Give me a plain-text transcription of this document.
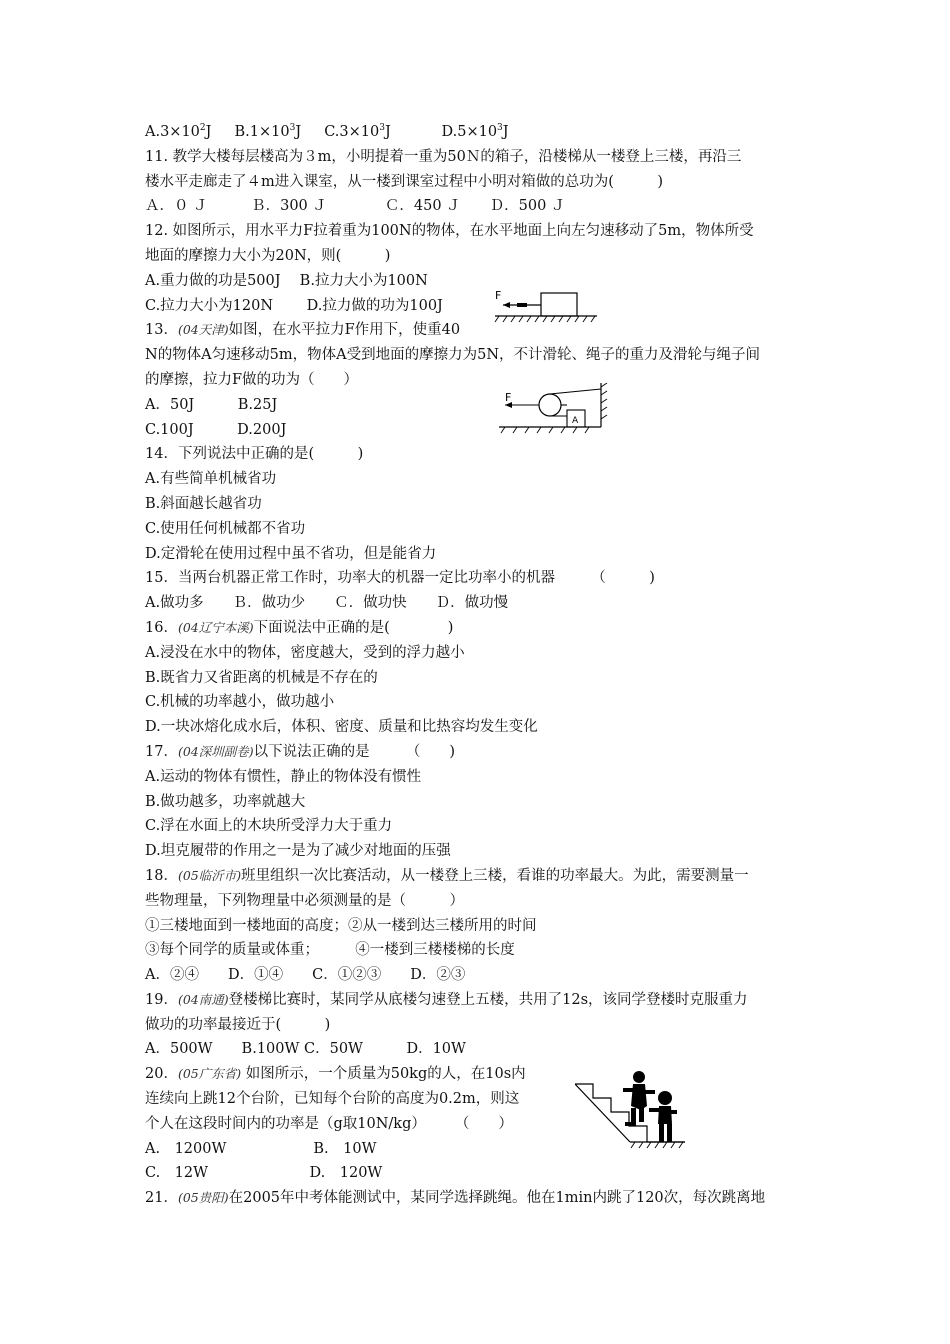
$A.3\times 10^2J$ $B.1\times 10^3J$ $C.3\times 10^3J$	$D.5\times 10^3J$
11. 教学大楼每层楼高为３m，小明提着一重为50Ｎ的箱子，沿楼梯从一楼登上三楼，再沿三
楼水平走廊走了４m进入课室，从一楼到课室过程中小明对箱做的总功为(　　　)
Ａ．０ Ｊ　　　Ｂ．300 Ｊ　　　　Ｃ．450 Ｊ　　Ｄ．500 Ｊ
12. 如图所示，用水平力F拉着重为100N的物体，在水平地面上向左匀速移动了5m，物体所受
地面的摩擦力大小为20N，则(　　　)
A.重力做的功是500J　 B.拉力大小为100N
C.拉力大小为120N　　 D.拉力做的功为100J
13．(04天津)如图，在水平拉力F作用下，使重40
N的物体A匀速移动5m，物体A受到地面的摩擦力为5N，不计滑轮、绳子的重力及滑轮与绳子间
的摩擦，拉力F做的功为（　　）
A．50J　　　B.25J
C.100J　　　D.200J
14．下列说法中正确的是(　　　)
A.有些简单机械省功
B.斜面越长越省功
C.使用任何机械都不省功
D.定滑轮在使用过程中虽不省功，但是能省力
15．当两台机器正常工作时，功率大的机器一定比功率小的机器　　　（　　　)
A.做功多　　Ｂ．做功少　　Ｃ．做功快　　Ｄ．做功慢
16．(04辽宁本溪)下面说法中正确的是(　　　　)
A.浸没在水中的物体，密度越大，受到的浮力越小
B.既省力又省距离的机械是不存在的
C.机械的功率越小，做功越小
D.一块冰熔化成水后，体积、密度、质量和比热容均发生变化
17．(04深圳副卷)以下说法正确的是　　　（　　)
A.运动的物体有惯性，静止的物体没有惯性
B.做功越多，功率就越大
C.浮在水面上的木块所受浮力大于重力
D.坦克履带的作用之一是为了减少对地面的压强
18．(05临沂市)班里组织一次比赛活动，从一楼登上三楼，看谁的功率最大。为此，需要测量一
些物理量，下列物理量中必须测量的是（　　　）
①三楼地面到一楼地面的高度；②从一楼到达三楼所用的时间
③每个同学的质量或体重；　　　④一楼到三楼楼梯的长度
A．②④　　D．①④　　C．①②③　　D．②③
19．(04南通)登楼梯比赛时，某同学从底楼匀速登上五楼，共用了12s，该同学登楼时克服重力
做功的功率最接近于(　　　)
A．500W　　B.100W C．50W　　　D．10W
20．(05广东省) 如图所示，一个质量为50kg的人，在10s内
连续向上跳12个台阶，已知每个台阶的高度为0.2m，则这
个人在这段时间内的功率是（g取10N/kg）　　　（　　）
A.　1200W　　　　　　B.　10W
C.　12W　　　　　　　D.　120W
21．(05贵阳)在2005年中考体能测试中，某同学选择跳绳。他在1min内跳了120次，每次跳离地
F
F
A
